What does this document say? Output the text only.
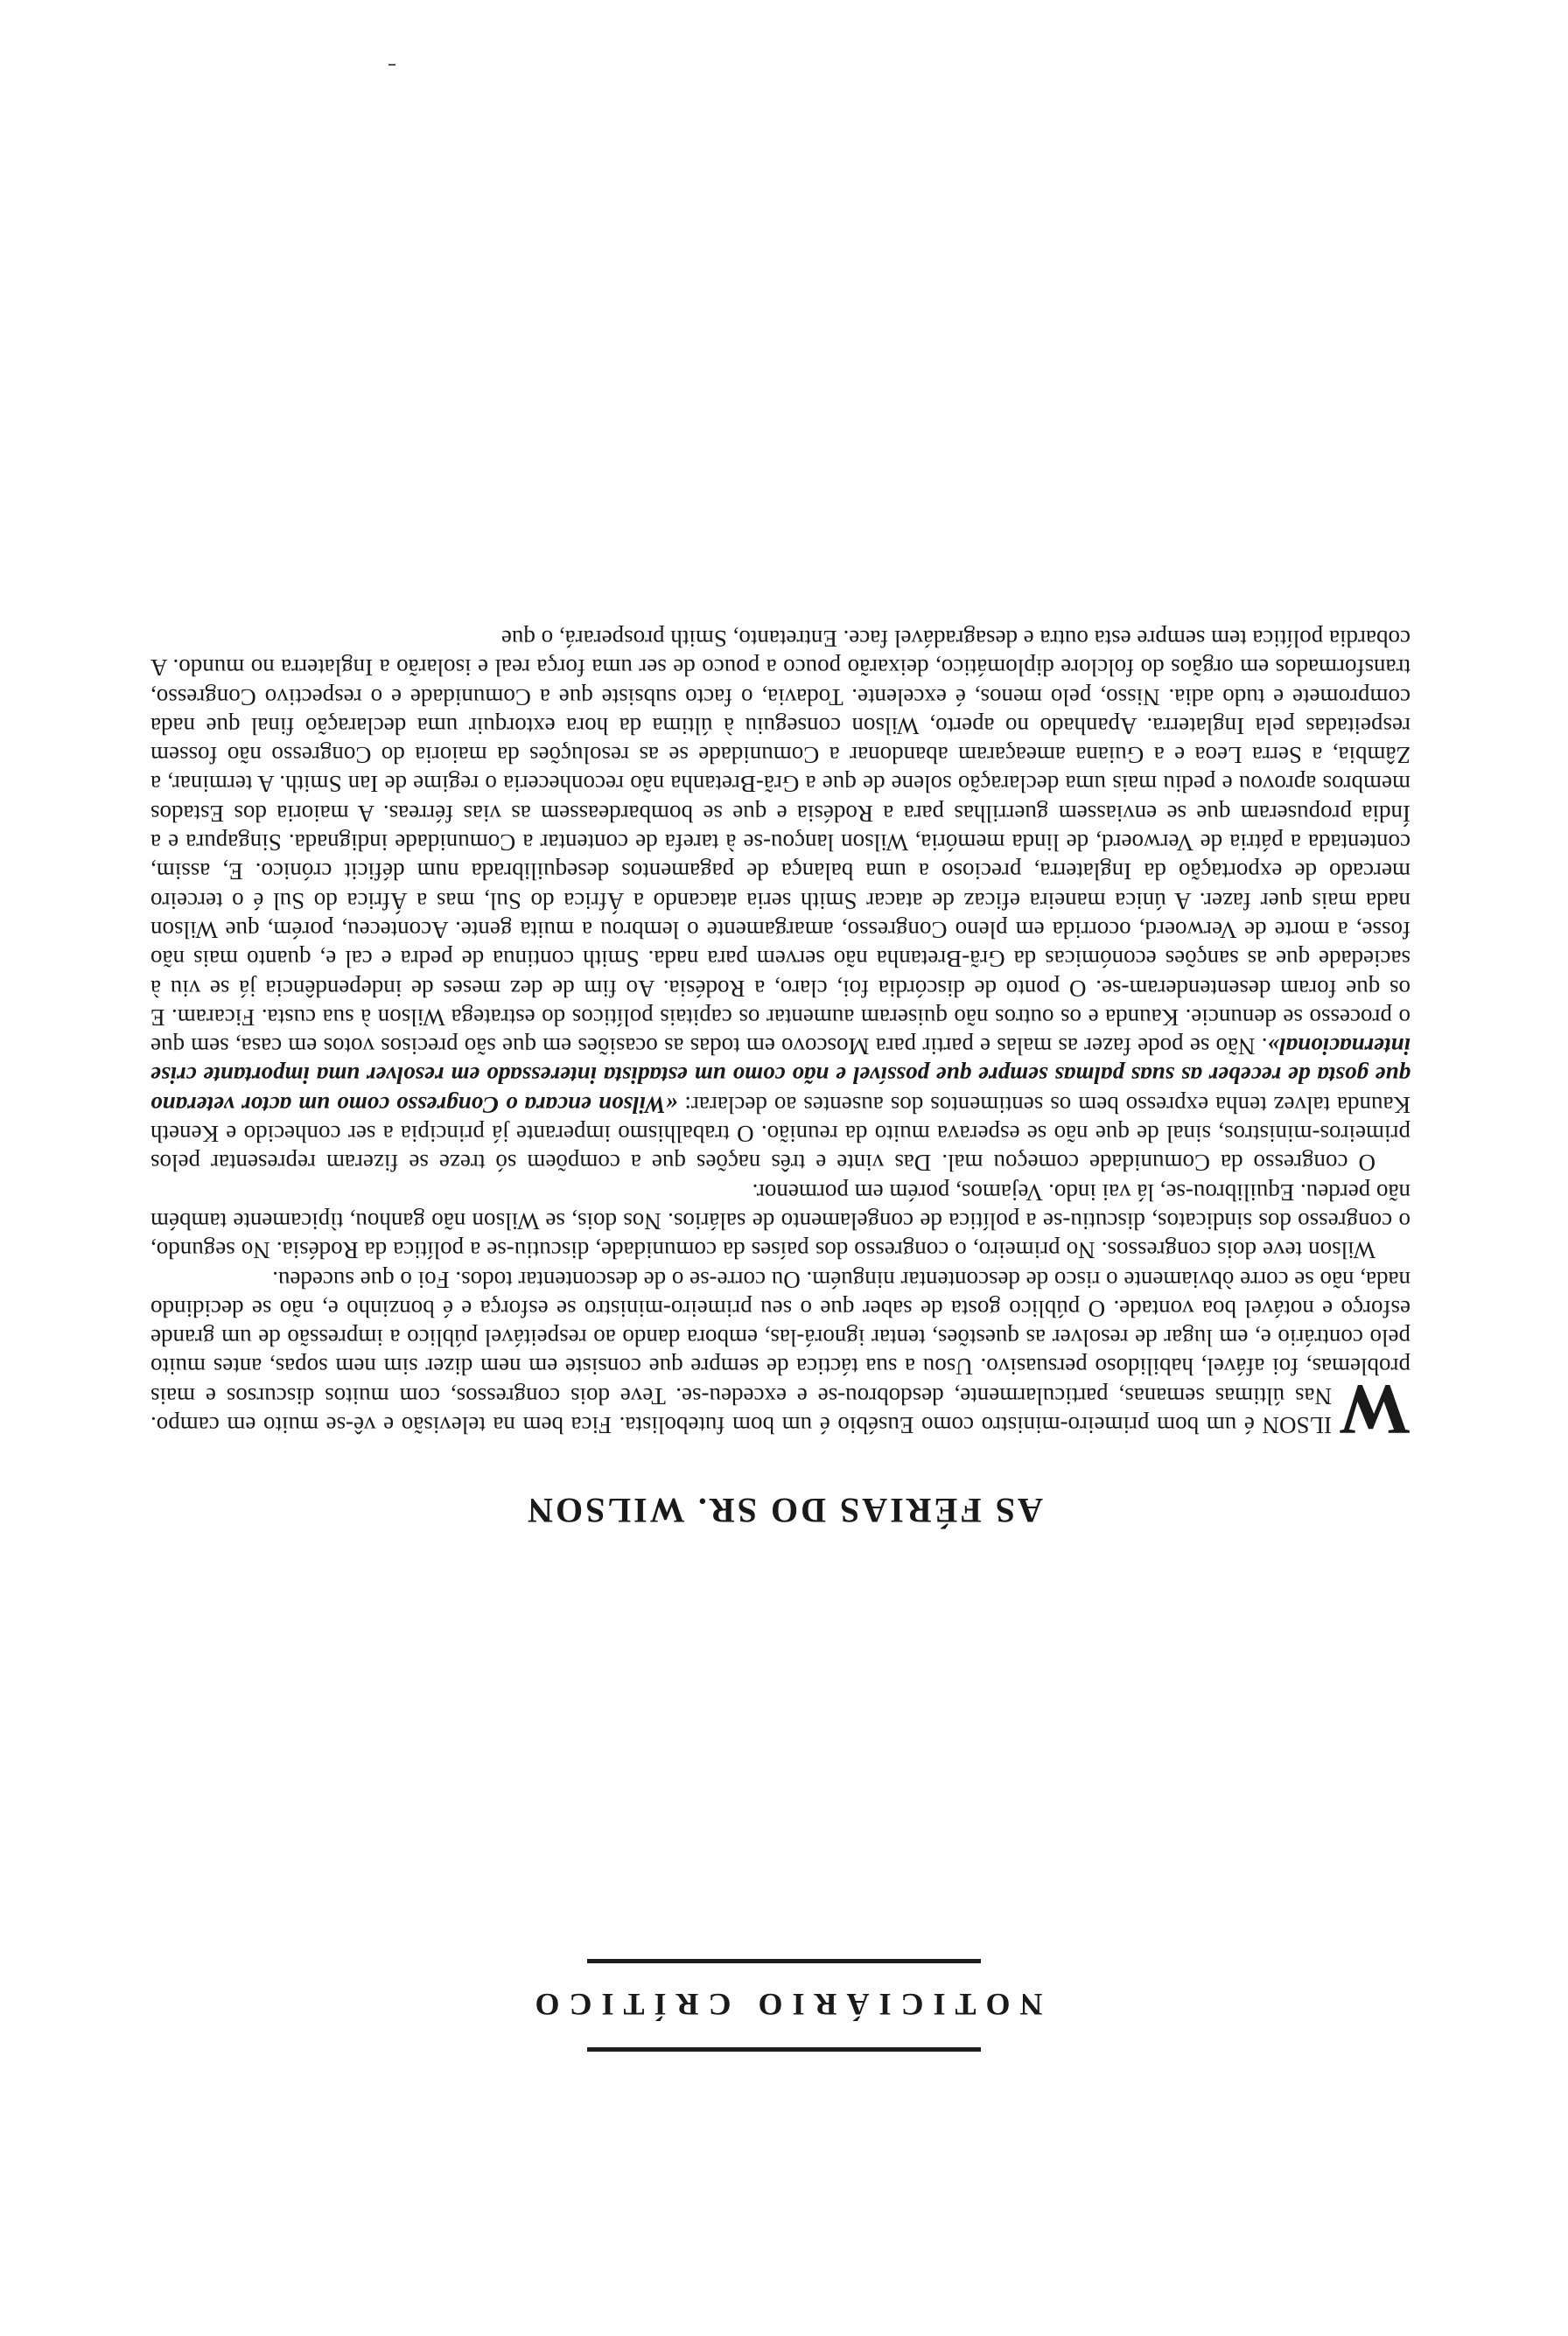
NOTICIÁRIO CRÍTICO
AS FÉRIAS DO SR. WILSON

W
ILSON é um bom primeiro-ministro como Eusébio é um bom futebolista. Fica bem na televisão e vê-se muito em campo. Nas últimas semanas, particularmente, desdobrou-se e excedeu-se. Teve dois congressos, com muitos discursos e mais problemas, foi afável, habilidoso persuasivo. Usou a sua táctica de sempre que consiste em nem dizer sim nem sopas, antes muito pelo contrário e, em lugar de resolver as questões, tentar ignorá-las, embora dando ao respeitável público a impressão de um grande esforço e notável boa vontade. O público gosta de saber que o seu primeiro-ministro se esforça e é bonzinho e, não se decidindo nada, não se corre òbviamente o risco de descontentar ninguém. Ou corre-se o de descontentar todos. Foi o que sucedeu.

Wilson teve dois congressos. No primeiro, o congresso dos países da comunidade, discutiu-se a política da Rodésia. No segundo, o congresso dos sindicatos, discutiu-se a política de congelamento de salários. Nos dois, se Wilson não ganhou, tìpicamente também não perdeu. Equilibrou-se, lá vai indo. Vejamos, porém em pormenor.

O congresso da Comunidade começou mal. Das vinte e três nações que a compõem só treze se fizeram representar pelos primeiros-ministros, sinal de que não se esperava muito da reunião. O trabalhismo imperante já principia a ser conhecido e Keneth Kaunda talvez tenha expresso bem os sentimentos dos ausentes ao declarar: «Wilson encara o Congresso como um actor veterano que gosta de receber as suas palmas sempre que possível e não como um estadista interessado em resolver uma importante crise internacional». Não se pode fazer as malas e partir para Moscovo em todas as ocasiões em que são precisos votos em casa, sem que o processo se denuncie. Kaunda e os outros não quiseram aumentar os capitais políticos do estratega Wilson à sua custa. Ficaram. E os que foram desentenderam-se. O ponto de discórdia foi, claro, a Rodésia. Ao fim de dez meses de independência já se viu à saciedade que as sanções económicas da Grã-Bretanha não servem para nada. Smith continua de pedra e cal e, quanto mais não fosse, a morte de Verwoerd, ocorrida em pleno Congresso, amargamente o lembrou a muita gente. Aconteceu, porém, que Wilson nada mais quer fazer. A única maneira eficaz de atacar Smith seria atacando a África do Sul, mas a África do Sul é o terceiro mercado de exportação da Inglaterra, precioso a uma balança de pagamentos desequilibrada num déficit crónico. E, assim, contentada a pátria de Verwoerd, de linda memória, Wilson lançou-se à tarefa de contentar a Comunidade indignada. Singapura e a Índia propuseram que se enviassem guerrilhas para a Rodésia e que se bombardeassem as vias férreas. A maioria dos Estados membros aprovou e pediu mais uma declaração solene de que a Grã-Bretanha não reconheceria o regime de Ian Smith. A terminar, a Zâmbia, a Serra Leoa e a Guiana ameaçaram abandonar a Comunidade se as resoluções da maioria do Congresso não fossem respeitadas pela Inglaterra. Apanhado no aperto, Wilson conseguiu à última da hora extorquir uma declaração final que nada compromete e tudo adia. Nisso, pelo menos, é excelente. Todavia, o facto subsiste que a Comunidade e o respectivo Congresso, transformados em orgãos do folclore diplomático, deixarão pouco a pouco de ser uma força real e isolarão a Inglaterra no mundo. A cobardia política tem sempre esta outra e desagradável face. Entretanto, Smith prosperará, o que
